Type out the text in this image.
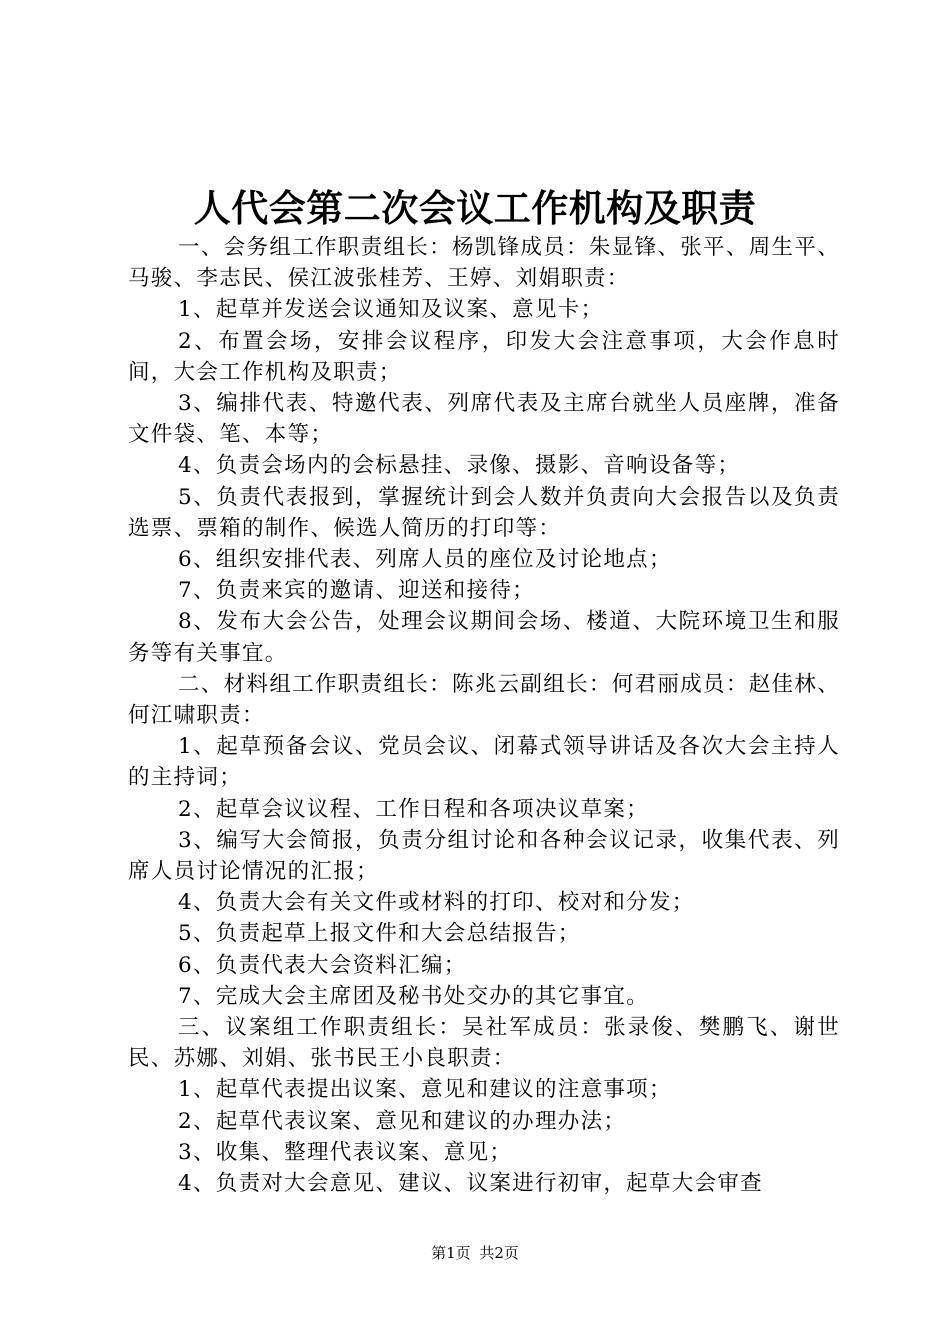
人代会第二次会议工作机构及职责

一、会务组工作职责组长：杨凯锋成员：朱显锋、张平、周生平、马骏、李志民、侯江波张桂芳、王婷、刘娟职责：

1、起草并发送会议通知及议案、意见卡；

2、布置会场，安排会议程序，印发大会注意事项，大会作息时间，大会工作机构及职责；

3、编排代表、特邀代表、列席代表及主席台就坐人员座牌，准备文件袋、笔、本等；

4、负责会场内的会标悬挂、录像、摄影、音响设备等；

5、负责代表报到，掌握统计到会人数并负责向大会报告以及负责选票、票箱的制作、候选人简历的打印等：

6、组织安排代表、列席人员的座位及讨论地点；

7、负责来宾的邀请、迎送和接待；

8、发布大会公告，处理会议期间会场、楼道、大院环境卫生和服务等有关事宜。

二、材料组工作职责组长：陈兆云副组长：何君丽成员：赵佳林、何江啸职责：

1、起草预备会议、党员会议、闭幕式领导讲话及各次大会主持人的主持词；

2、起草会议议程、工作日程和各项决议草案；

3、编写大会简报，负责分组讨论和各种会议记录，收集代表、列席人员讨论情况的汇报；

4、负责大会有关文件或材料的打印、校对和分发；

5、负责起草上报文件和大会总结报告；

6、负责代表大会资料汇编；

7、完成大会主席团及秘书处交办的其它事宜。

三、议案组工作职责组长：吴社军成员：张录俊、樊鹏飞、谢世民、苏娜、刘娟、张书民王小良职责：

1、起草代表提出议案、意见和建议的注意事项；

2、起草代表议案、意见和建议的办理办法；

3、收集、整理代表议案、意见；

4、负责对大会意见、建议、议案进行初审，起草大会审查

第1页 共2页
